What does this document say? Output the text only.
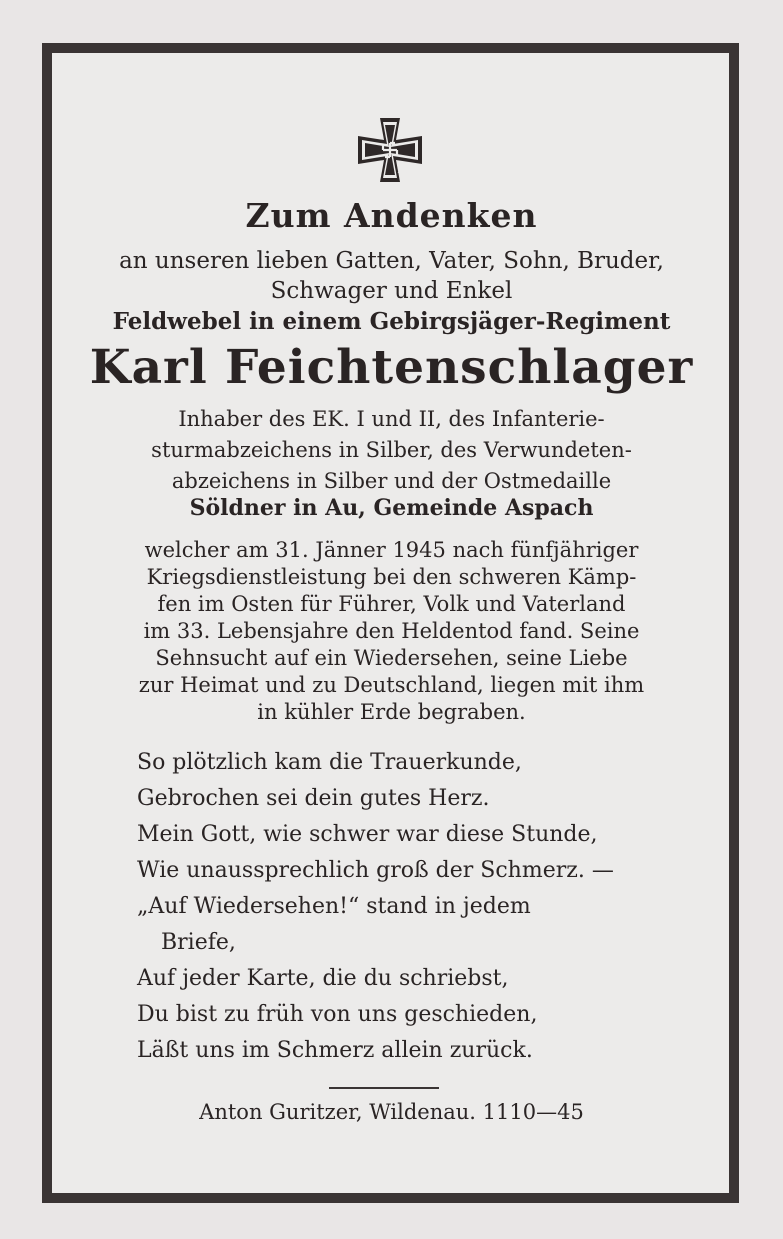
1939
Zum Andenken
an unseren lieben Gatten, Vater, Sohn, Bruder,
Schwager und Enkel
Feldwebel in einem Gebirgsjäger-Regiment
Karl Feichtenschlager
Inhaber des EK. I und II, des Infanterie-
sturmabzeichens in Silber, des Verwundeten-
abzeichens in Silber und der Ostmedaille
Söldner in Au, Gemeinde Aspach
welcher am 31. Jänner 1945 nach fünfjähriger
Kriegsdienstleistung bei den schweren Kämp-
fen im Osten für Führer, Volk und Vaterland
im 33. Lebensjahre den Heldentod fand. Seine
Sehnsucht auf ein Wiedersehen, seine Liebe
zur Heimat und zu Deutschland, liegen mit ihm
in kühler Erde begraben.
So plötzlich kam die Trauerkunde,
Gebrochen sei dein gutes Herz.
Mein Gott, wie schwer war diese Stunde,
Wie unaussprechlich groß der Schmerz. —
„Auf Wiedersehen!“ stand in jedem
Briefe,
Auf jeder Karte, die du schriebst,
Du bist zu früh von uns geschieden,
Läßt uns im Schmerz allein zurück.
Anton Guritzer, Wildenau. 1110—45
